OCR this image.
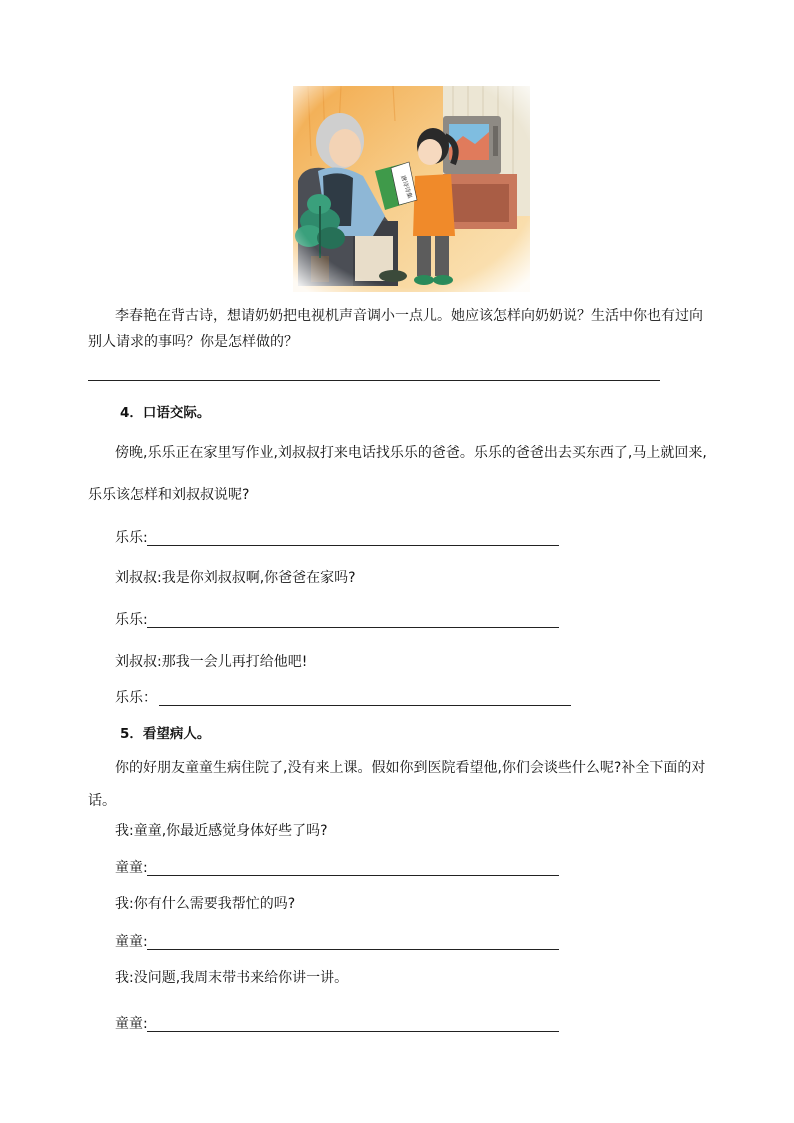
李春艳在背古诗，想请奶奶把电视机声音调小一点儿。她应该怎样向奶奶说？生活中你也有过向
别人请求的事吗？你是怎样做的？
4．口语交际。
傍晚,乐乐正在家里写作业,刘叔叔打来电话找乐乐的爸爸。乐乐的爸爸出去买东西了,马上就回来,
乐乐该怎样和刘叔叔说呢?
乐乐:
刘叔叔:我是你刘叔叔啊,你爸爸在家吗?
乐乐:
刘叔叔:那我一会儿再打给他吧!
乐乐：
5．看望病人。
你的好朋友童童生病住院了,没有来上课。假如你到医院看望他,你们会谈些什么呢?补全下面的对
话。
我:童童,你最近感觉身体好些了吗?
童童:
我:你有什么需要我帮忙的吗?
童童:
我:没问题,我周末带书来给你讲一讲。
童童:
